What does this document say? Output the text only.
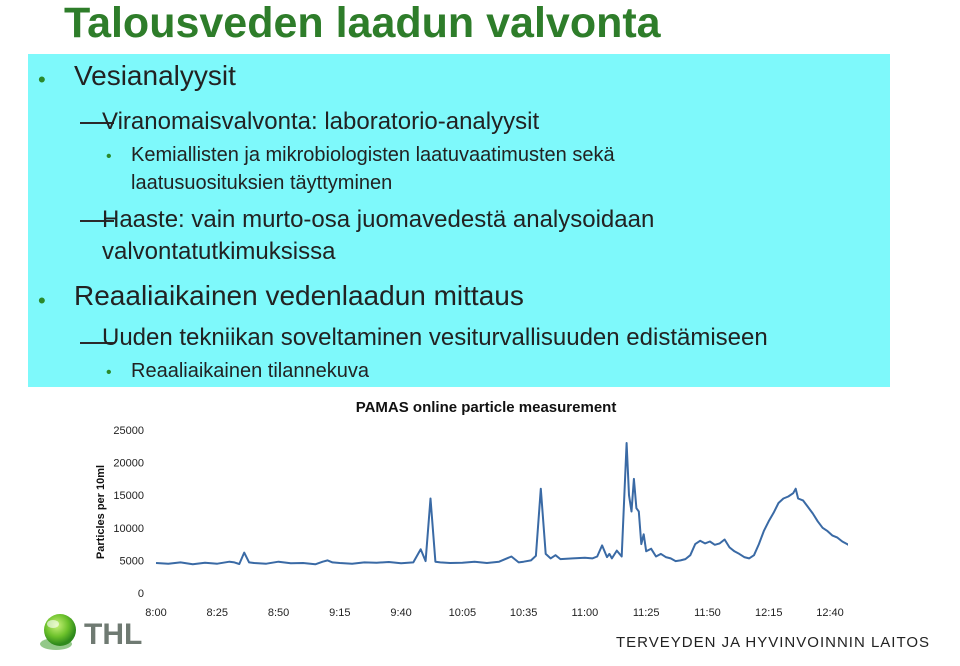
Talousveden laadun valvonta
• Vesianalyysit
Viranomaisvalvonta: laboratorio-analyysit
• Kemiallisten ja mikrobiologisten laatuvaatimusten sekä
laatusuosituksien täyttyminen
Haaste: vain murto-osa juomavedestä analysoidaan
valvontatutkimuksissa
• Reaaliaikainen vedenlaadun mittaus
Uuden tekniikan soveltaminen vesiturvallisuuden edistämiseen
• Reaaliaikainen tilannekuva
PAMAS online particle measurement
Particles per 10ml
0
5000
10000
15000
20000
25000
8:00	8:25	8:50	9:15	9:40	10:05	10:35	11:00	11:25	11:50	12:15	12:40
THL	TERVEYDEN JA HYVINVOINNIN LAITOS
